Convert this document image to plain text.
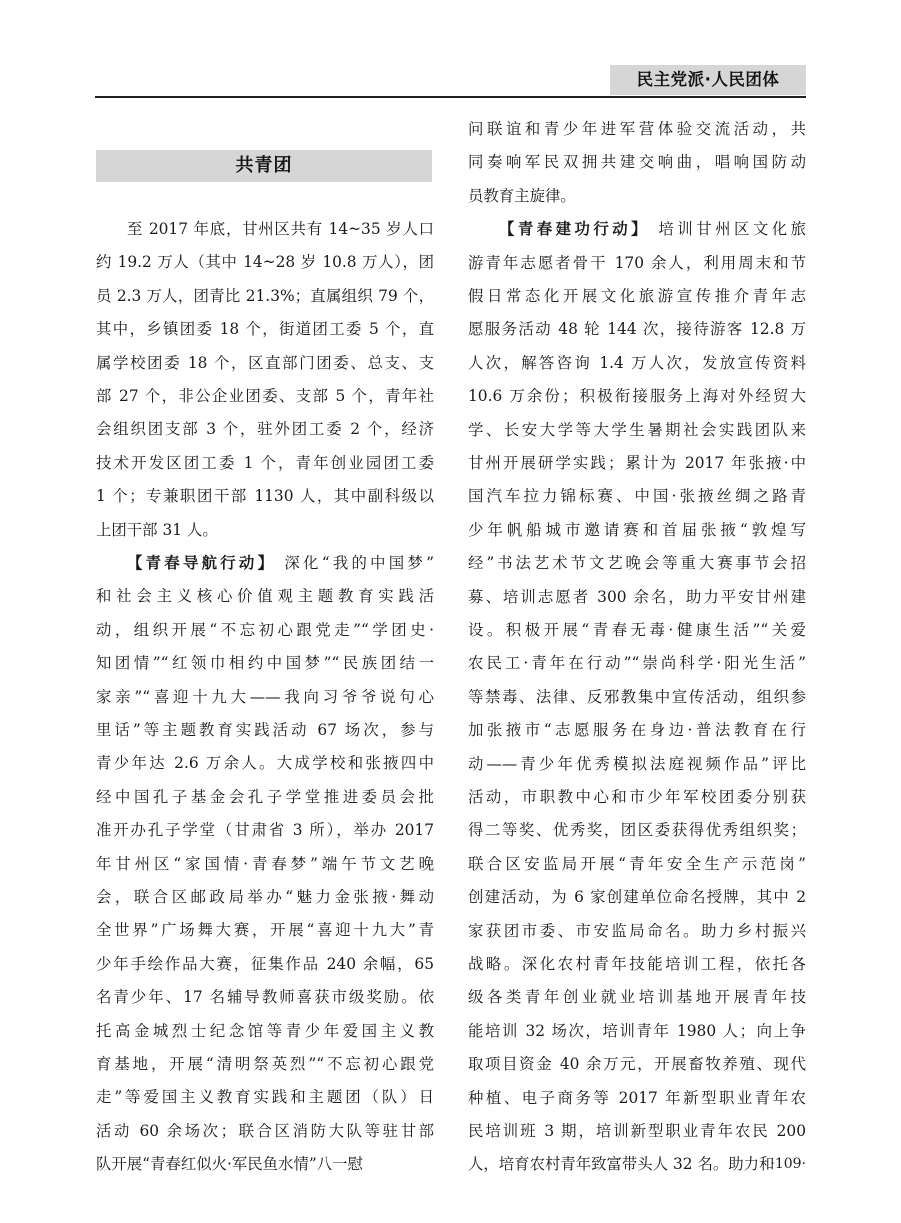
民主党派·人民团体
共青团
至 2017 年底，甘州区共有 14~35 岁人口
约 19.2 万人（其中 14~28 岁 10.8 万人），团
员 2.3 万人，团青比 21.3%；直属组织 79 个，
其中，乡镇团委 18 个，街道团工委 5 个，直
属学校团委 18 个，区直部门团委、总支、支
部 27 个，非公企业团委、支部 5 个，青年社
会组织团支部 3 个，驻外团工委 2 个，经济
技术开发区团工委 1 个，青年创业园团工委
1 个；专兼职团干部 1130 人，其中副科级以
上团干部 31 人。
【青春导航行动】 深化“我的中国梦”
和社会主义核心价值观主题教育实践活
动，组织开展“不忘初心跟党走”“学团史·
知团情”“红领巾相约中国梦”“民族团结一
家亲”“喜迎十九大——我向习爷爷说句心
里话”等主题教育实践活动 67 场次，参与
青少年达 2.6 万余人。大成学校和张掖四中
经中国孔子基金会孔子学堂推进委员会批
准开办孔子学堂（甘肃省 3 所），举办 2017
年甘州区“家国情·青春梦”端午节文艺晚
会，联合区邮政局举办“魅力金张掖·舞动
全世界”广场舞大赛，开展“喜迎十九大”青
少年手绘作品大赛，征集作品 240 余幅，65
名青少年、17 名辅导教师喜获市级奖励。依
托高金城烈士纪念馆等青少年爱国主义教
育基地，开展“清明祭英烈”“不忘初心跟党
走”等爱国主义教育实践和主题团（队）日
活动 60 余场次；联合区消防大队等驻甘部
队开展“青春红似火·军民鱼水情”八一慰
问联谊和青少年进军营体验交流活动，共
同奏响军民双拥共建交响曲，唱响国防动
员教育主旋律。
【青春建功行动】 培训甘州区文化旅
游青年志愿者骨干 170 余人，利用周末和节
假日常态化开展文化旅游宣传推介青年志
愿服务活动 48 轮 144 次，接待游客 12.8 万
人次，解答咨询 1.4 万人次，发放宣传资料
10.6 万余份；积极衔接服务上海对外经贸大
学、长安大学等大学生暑期社会实践团队来
甘州开展研学实践；累计为 2017 年张掖·中
国汽车拉力锦标赛、中国·张掖丝绸之路青
少年帆船城市邀请赛和首届张掖“敦煌写
经”书法艺术节文艺晚会等重大赛事节会招
募、培训志愿者 300 余名，助力平安甘州建
设。积极开展“青春无毒·健康生活”“关爱
农民工·青年在行动”“崇尚科学·阳光生活”
等禁毒、法律、反邪教集中宣传活动，组织参
加张掖市“志愿服务在身边·普法教育在行
动——青少年优秀模拟法庭视频作品”评比
活动，市职教中心和市少年军校团委分别获
得二等奖、优秀奖，团区委获得优秀组织奖；
联合区安监局开展“青年安全生产示范岗”
创建活动，为 6 家创建单位命名授牌，其中 2
家获团市委、市安监局命名。助力乡村振兴
战略。深化农村青年技能培训工程，依托各
级各类青年创业就业培训基地开展青年技
能培训 32 场次，培训青年 1980 人；向上争
取项目资金 40 余万元，开展畜牧养殖、现代
种植、电子商务等 2017 年新型职业青年农
民培训班 3 期，培训新型职业青年农民 200
人，培育农村青年致富带头人 32 名。助力和
·109·
